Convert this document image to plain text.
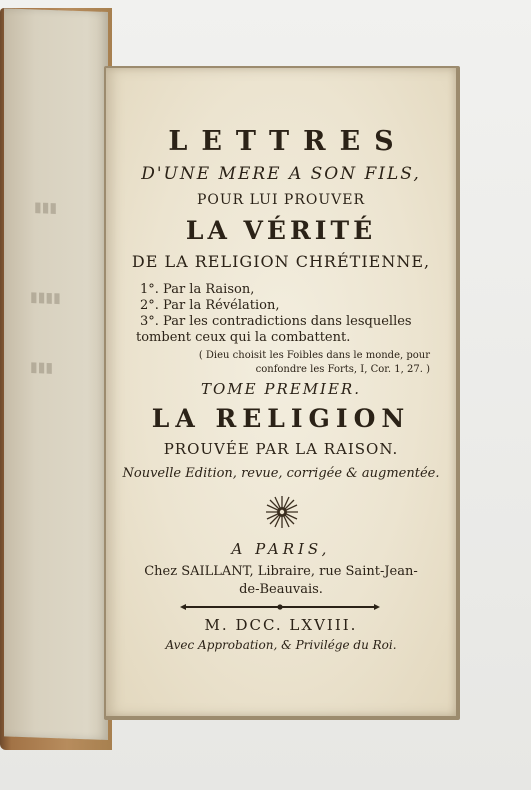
▮▮▮
▮▮▮▮
▮▮▮
LETTRES
D'UNE MERE A SON FILS,
POUR LUI PROUVER
LA VÉRITÉ
DE LA RELIGION CHRÉTIENNE,
1°. Par la Raison,
2°. Par la Révélation,
3°. Par les contradictions dans lesquelles
tombent ceux qui la combattent.
( Dieu choisit les Foibles dans le monde, pour
confondre les Forts, I, Cor. 1, 27. )
TOME PREMIER.
LA RELIGION
PROUVÉE PAR LA RAISON.
Nouvelle Edition, revue, corrigée & augmentée.
A PARIS,
Chez SAILLANT, Libraire, rue Saint-Jean-
de-Beauvais.
M. DCC. LXVIII.
Avec Approbation, & Privilége du Roi.
